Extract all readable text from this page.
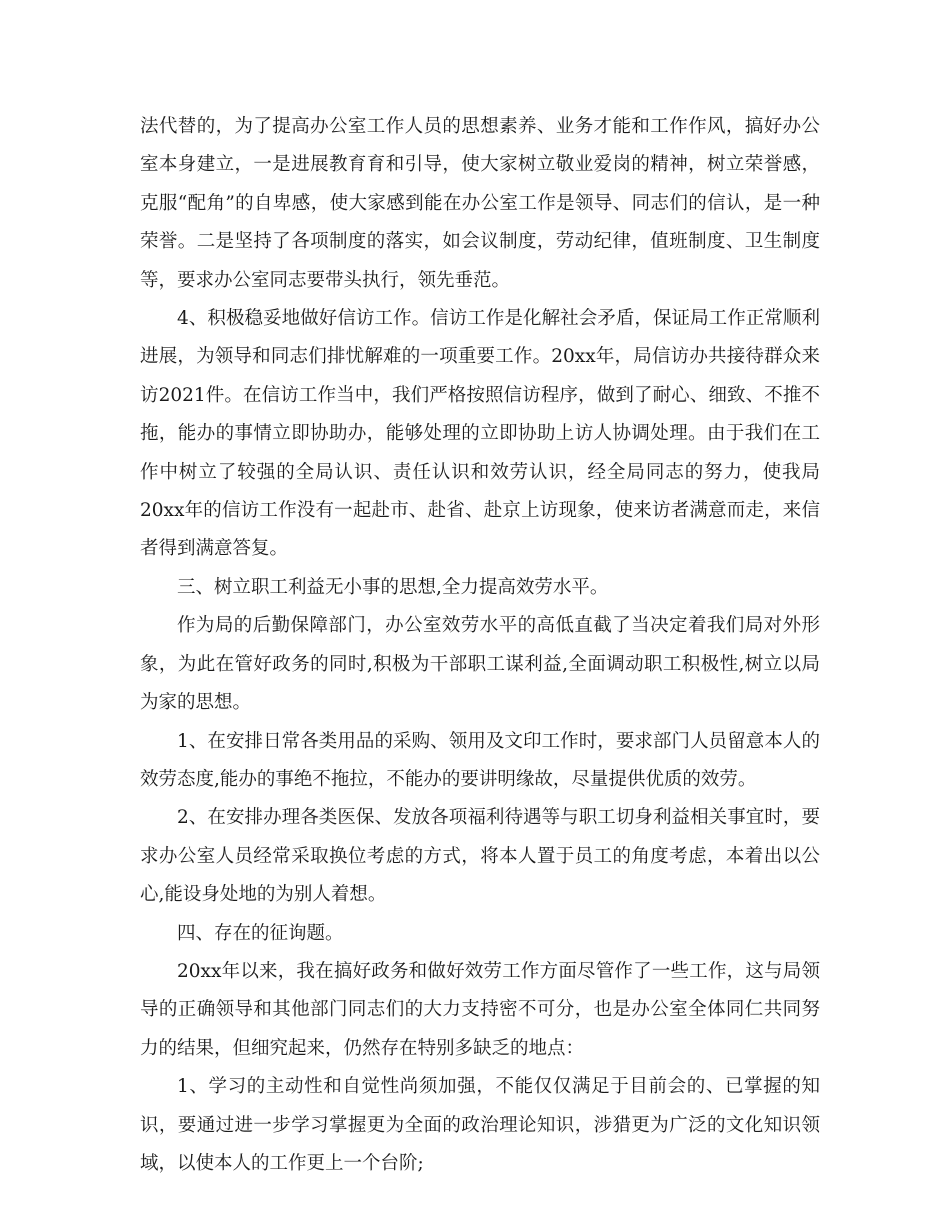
法代替的，为了提高办公室工作人员的思想素养、业务才能和工作作风，搞好办公室本身建立，一是进展教育育和引导，使大家树立敬业爱岗的精神，树立荣誉感，克服“配角”的自卑感，使大家感到能在办公室工作是领导、同志们的信认，是一种荣誉。二是坚持了各项制度的落实，如会议制度，劳动纪律，值班制度、卫生制度等，要求办公室同志要带头执行，领先垂范。

4、积极稳妥地做好信访工作。信访工作是化解社会矛盾，保证局工作正常顺利进展，为领导和同志们排忧解难的一项重要工作。20xx年，局信访办共接待群众来访2021件。在信访工作当中，我们严格按照信访程序，做到了耐心、细致、不推不拖，能办的事情立即协助办，能够处理的立即协助上访人协调处理。由于我们在工作中树立了较强的全局认识、责任认识和效劳认识，经全局同志的努力，使我局20xx年的信访工作没有一起赴市、赴省、赴京上访现象，使来访者满意而走，来信者得到满意答复。

三、树立职工利益无小事的思想,全力提高效劳水平。

作为局的后勤保障部门，办公室效劳水平的高低直截了当决定着我们局对外形象，为此在管好政务的同时,积极为干部职工谋利益,全面调动职工积极性,树立以局为家的思想。

1、在安排日常各类用品的采购、领用及文印工作时，要求部门人员留意本人的效劳态度,能办的事绝不拖拉，不能办的要讲明缘故，尽量提供优质的效劳。

2、在安排办理各类医保、发放各项福利待遇等与职工切身利益相关事宜时，要求办公室人员经常采取换位考虑的方式，将本人置于员工的角度考虑，本着出以公心,能设身处地的为别人着想。

四、存在的征询题。

20xx年以来，我在搞好政务和做好效劳工作方面尽管作了一些工作，这与局领导的正确领导和其他部门同志们的大力支持密不可分，也是办公室全体同仁共同努力的结果，但细究起来，仍然存在特别多缺乏的地点：

1、学习的主动性和自觉性尚须加强，不能仅仅满足于目前会的、已掌握的知识，要通过进一步学习掌握更为全面的政治理论知识，涉猎更为广泛的文化知识领域，以使本人的工作更上一个台阶;
